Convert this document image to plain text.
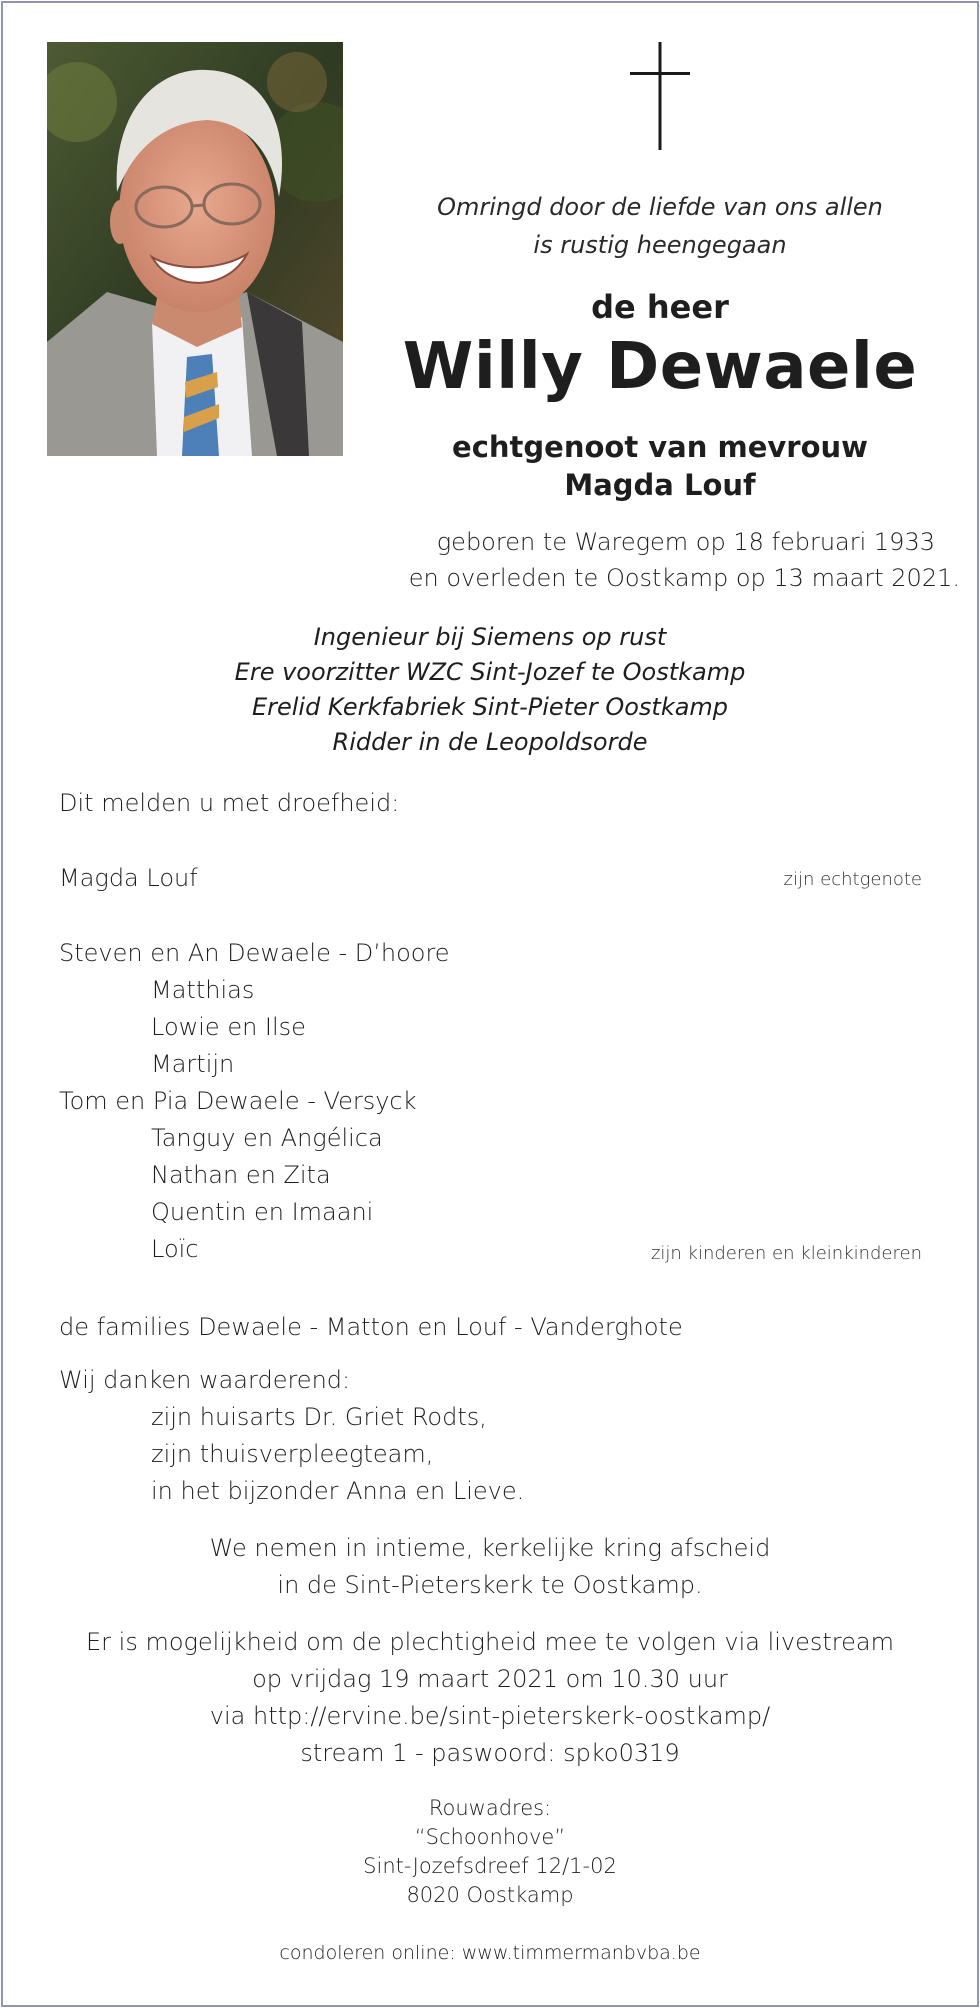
Omringd door de liefde van ons allen
is rustig heengegaan
de heer
Willy Dewaele
echtgenoot van mevrouw
Magda Louf
geboren te Waregem op 18 februari 1933
en overleden te Oostkamp op 13 maart 2021.
Ingenieur bij Siemens op rust
Ere voorzitter WZC Sint-Jozef te Oostkamp
Erelid Kerkfabriek Sint-Pieter Oostkamp
Ridder in de Leopoldsorde
Dit melden u met droefheid:
Magda Louf	zijn echtgenote
Steven en An Dewaele - D’hoore
Matthias
Lowie en Ilse
Martijn
Tom en Pia Dewaele - Versyck
Tanguy en Angélica
Nathan en Zita
Quentin en Imaani
Loïc	zijn kinderen en kleinkinderen
de families Dewaele - Matton en Louf - Vanderghote
Wij danken waarderend:
zijn huisarts Dr. Griet Rodts,
zijn thuisverpleegteam,
in het bijzonder Anna en Lieve.
We nemen in intieme, kerkelijke kring afscheid
in de Sint-Pieterskerk te Oostkamp.
Er is mogelijkheid om de plechtigheid mee te volgen via livestream
op vrijdag 19 maart 2021 om 10.30 uur
via http://ervine.be/sint-pieterskerk-oostkamp/
stream 1 - paswoord: spko0319
Rouwadres:
“Schoonhove”
Sint-Jozefsdreef 12/1-02
8020 Oostkamp
condoleren online: www.timmermanbvba.be
